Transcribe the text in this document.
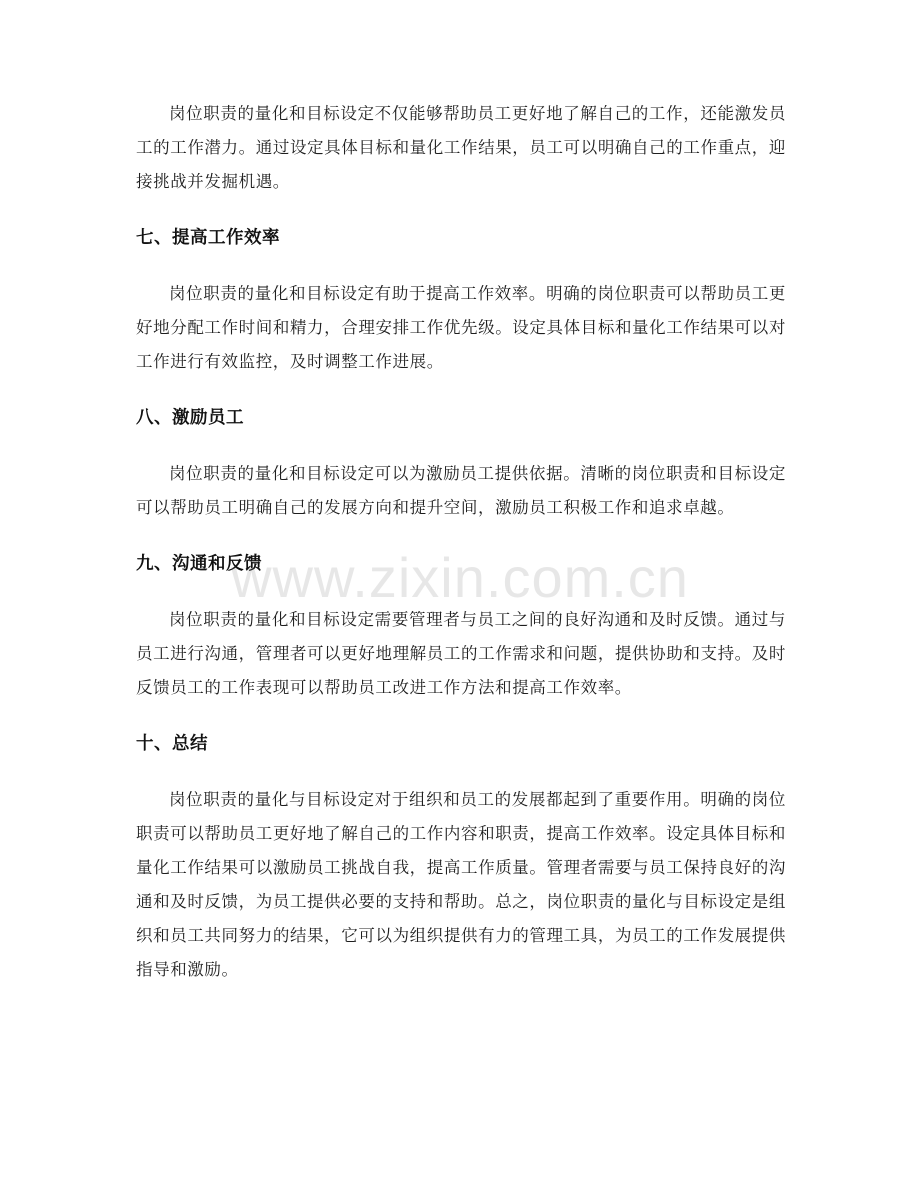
岗位职责的量化和目标设定不仅能够帮助员工更好地了解自己的工作，还能激发员工的工作潜力。通过设定具体目标和量化工作结果，员工可以明确自己的工作重点，迎接挑战并发掘机遇。

七、提高工作效率

岗位职责的量化和目标设定有助于提高工作效率。明确的岗位职责可以帮助员工更好地分配工作时间和精力，合理安排工作优先级。设定具体目标和量化工作结果可以对工作进行有效监控，及时调整工作进展。

八、激励员工

岗位职责的量化和目标设定可以为激励员工提供依据。清晰的岗位职责和目标设定可以帮助员工明确自己的发展方向和提升空间，激励员工积极工作和追求卓越。

九、沟通和反馈

岗位职责的量化和目标设定需要管理者与员工之间的良好沟通和及时反馈。通过与员工进行沟通，管理者可以更好地理解员工的工作需求和问题，提供协助和支持。及时反馈员工的工作表现可以帮助员工改进工作方法和提高工作效率。

十、总结

岗位职责的量化与目标设定对于组织和员工的发展都起到了重要作用。明确的岗位职责可以帮助员工更好地了解自己的工作内容和职责，提高工作效率。设定具体目标和量化工作结果可以激励员工挑战自我，提高工作质量。管理者需要与员工保持良好的沟通和及时反馈，为员工提供必要的支持和帮助。总之，岗位职责的量化与目标设定是组织和员工共同努力的结果，它可以为组织提供有力的管理工具，为员工的工作发展提供指导和激励。

www.zixin.com.cn
